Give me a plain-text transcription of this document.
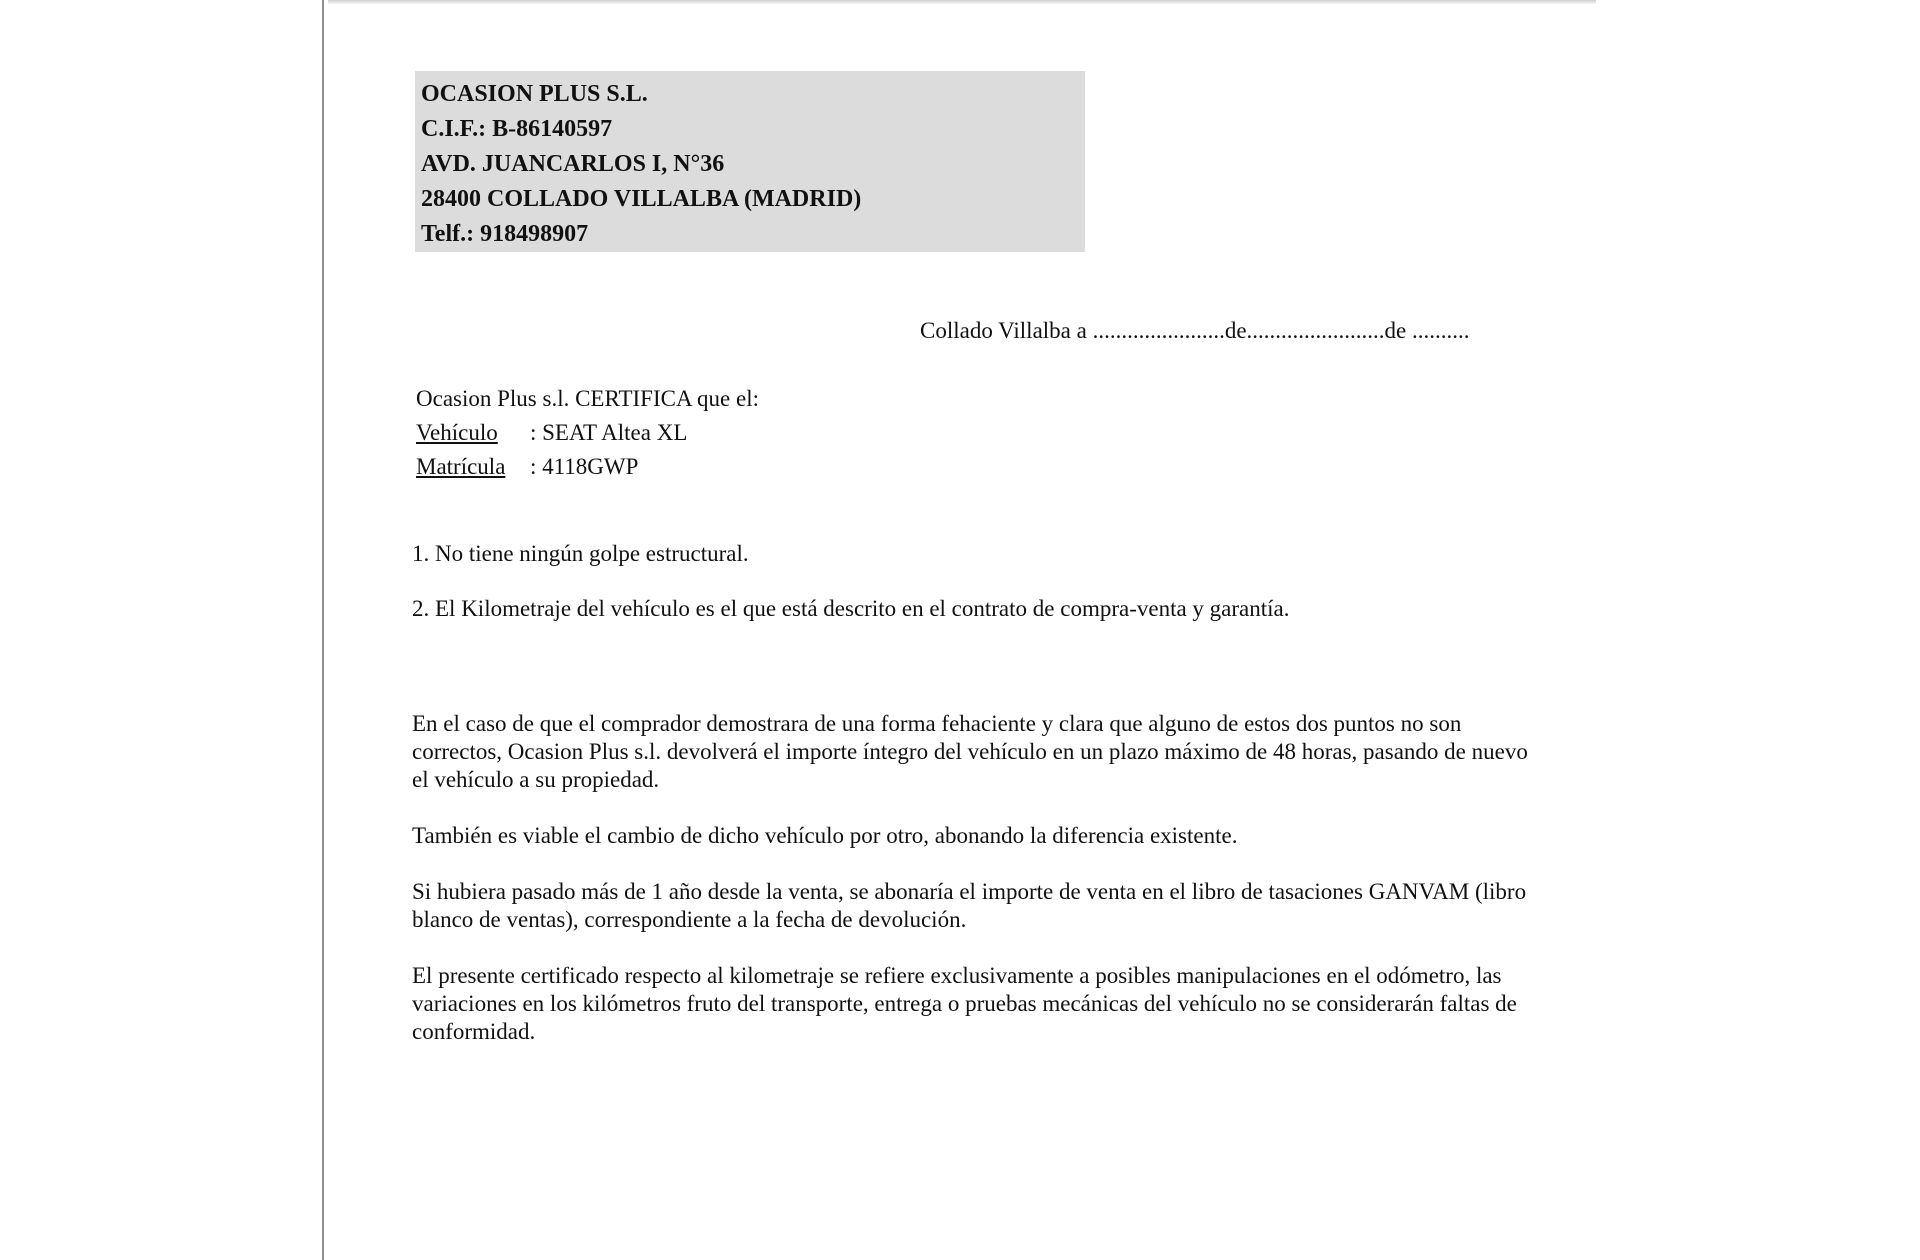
OCASION PLUS S.L.
C.I.F.: B-86140597
AVD. JUANCARLOS I, N°36
28400 COLLADO VILLALBA (MADRID)
Telf.: 918498907
Collado Villalba a .......................de........................de ..........
Ocasion Plus s.l. CERTIFICA que el:
Vehículo	: SEAT Altea XL
Matrícula	: 4118GWP
1. No tiene ningún golpe estructural.
2. El Kilometraje del vehículo es el que está descrito en el contrato de compra-venta y garantía.

En el caso de que el comprador demostrara de una forma fehaciente y clara que alguno de estos dos puntos no son correctos, Ocasion Plus s.l. devolverá el importe íntegro del vehículo en un plazo máximo de 48 horas, pasando de nuevo el vehículo a su propiedad.

También es viable el cambio de dicho vehículo por otro, abonando la diferencia existente.

Si hubiera pasado más de 1 año desde la venta, se abonaría el importe de venta en el libro de tasaciones GANVAM (libro blanco de ventas), correspondiente a la fecha de devolución.

El presente certificado respecto al kilometraje se refiere exclusivamente a posibles manipulaciones en el odómetro, las variaciones en los kilómetros fruto del transporte, entrega o pruebas mecánicas del vehículo no se considerarán faltas de conformidad.
